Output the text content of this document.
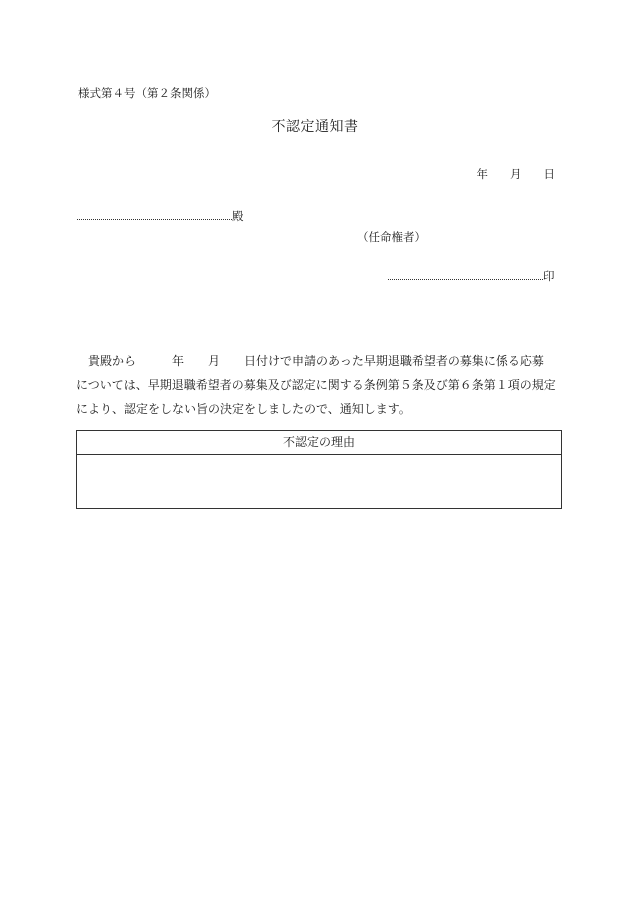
様式第４号（第２条関係）
不認定通知書
年 月 日
殿
（任命権者）
印
　貴殿から	年 月 日付けで申請のあった早期退職希望者の募集に係る応募
については、早期退職希望者の募集及び認定に関する条例第５条及び第６条第１項の規定
により、認定をしない旨の決定をしましたので、通知します。
不認定の理由
